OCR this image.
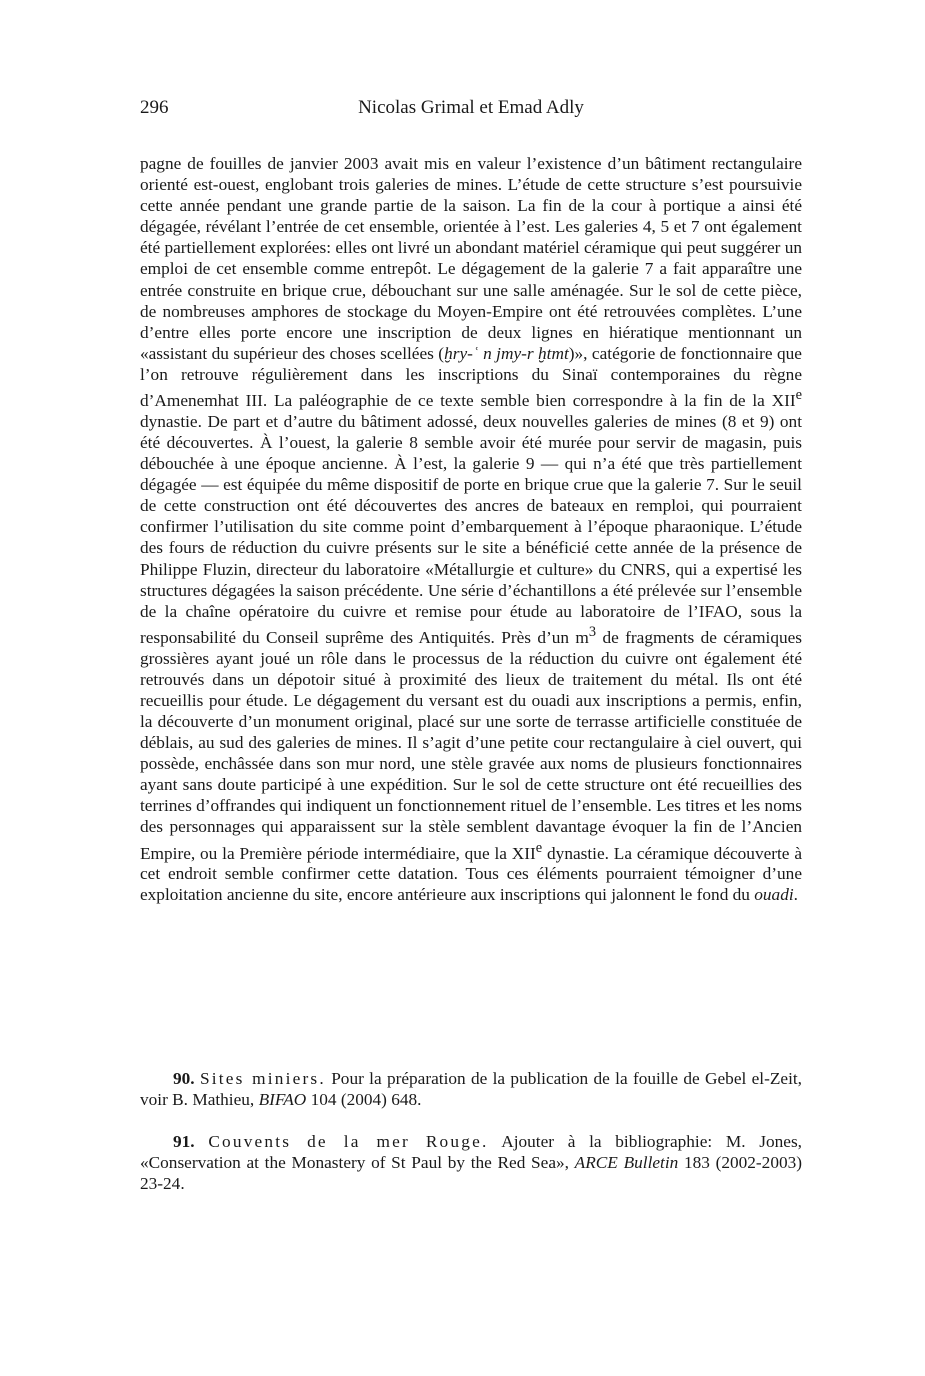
296	Nicolas Grimal et Emad Adly

pagne de fouilles de janvier 2003 avait mis en valeur l’existence d’un bâtiment rectangulaire orienté est-ouest, englobant trois galeries de mines. L’étude de cette structure s’est poursuivie cette année pendant une grande partie de la saison. La fin de la cour à portique a ainsi été dégagée, révélant l’entrée de cet ensemble, orientée à l’est. Les galeries 4, 5 et 7 ont également été partiellement explorées: elles ont livré un abondant matériel céramique qui peut suggérer un emploi de cet ensemble comme entrepôt. Le dégagement de la galerie 7 a fait apparaître une entrée construite en brique crue, débouchant sur une salle aménagée. Sur le sol de cette pièce, de nombreuses amphores de stockage du Moyen-Empire ont été retrouvées complètes. L’une d’entre elles porte encore une inscription de deux lignes en hiératique mentionnant un «assistant du supérieur des choses scellées (ḫry-ʿ n jmy-r ḫtmt)», catégorie de fonctionnaire que l’on retrouve régulièrement dans les inscriptions du Sinaï contemporaines du règne d’Amenemhat III. La paléographie de ce texte semble bien correspondre à la fin de la XIIe dynastie. De part et d’autre du bâtiment adossé, deux nouvelles galeries de mines (8 et 9) ont été découvertes. À l’ouest, la galerie 8 semble avoir été murée pour servir de magasin, puis débouchée à une époque ancienne. À l’est, la galerie 9 — qui n’a été que très partiellement dégagée — est équipée du même dispositif de porte en brique crue que la galerie 7. Sur le seuil de cette construction ont été découvertes des ancres de bateaux en remploi, qui pourraient confirmer l’utilisation du site comme point d’embarquement à l’époque pharaonique. L’étude des fours de réduction du cuivre présents sur le site a bénéficié cette année de la présence de Philippe Fluzin, directeur du laboratoire «Métallurgie et culture» du CNRS, qui a expertisé les structures dégagées la saison précédente. Une série d’échantillons a été prélevée sur l’ensemble de la chaîne opératoire du cuivre et remise pour étude au laboratoire de l’IFAO, sous la responsabilité du Conseil suprême des Antiquités. Près d’un $m^3$ de fragments de céramiques grossières ayant joué un rôle dans le processus de la réduction du cuivre ont également été retrouvés dans un dépotoir situé à proximité des lieux de traitement du métal. Ils ont été recueillis pour étude. Le dégagement du versant est du ouadi aux inscriptions a permis, enfin, la découverte d’un monument original, placé sur une sorte de terrasse artificielle constituée de déblais, au sud des galeries de mines. Il s’agit d’une petite cour rectangulaire à ciel ouvert, qui possède, enchâssée dans son mur nord, une stèle gravée aux noms de plusieurs fonctionnaires ayant sans doute participé à une expédition. Sur le sol de cette structure ont été recueillies des terrines d’offrandes qui indiquent un fonctionnement rituel de l’ensemble. Les titres et les noms des personnages qui apparaissent sur la stèle semblent davantage évoquer la fin de l’Ancien Empire, ou la Première période intermédiaire, que la XIIe dynastie. La céramique découverte à cet endroit semble confirmer cette datation. Tous ces éléments pourraient témoigner d’une exploitation ancienne du site, encore antérieure aux inscriptions qui jalonnent le fond du ouadi.

90. Sites miniers. Pour la préparation de la publication de la fouille de Gebel el-Zeit, voir B. Mathieu, BIFAO 104 (2004) 648.

91. Couvents de la mer Rouge. Ajouter à la bibliographie: M. Jones, «Conservation at the Monastery of St Paul by the Red Sea», ARCE Bulletin 183 (2002-2003) 23-24.
